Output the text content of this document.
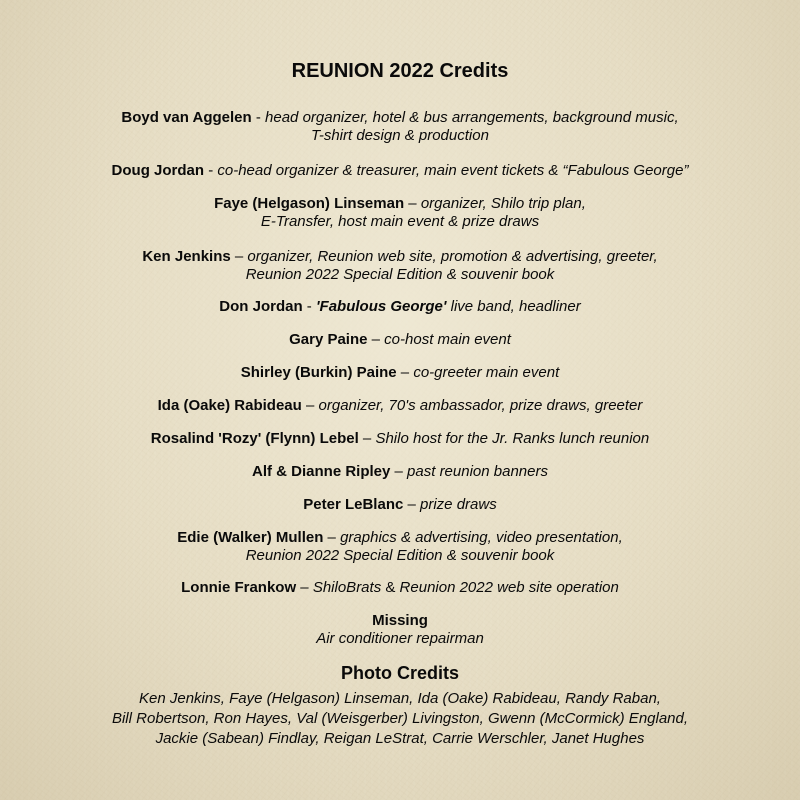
REUNION 2022 Credits
Boyd van Aggelen - head organizer, hotel & bus arrangements, background music,
T-shirt design & production
Doug Jordan - co-head organizer & treasurer, main event tickets & “Fabulous George”
Faye (Helgason) Linseman – organizer, Shilo trip plan,
E-Transfer, host main event & prize draws
Ken Jenkins – organizer, Reunion web site, promotion & advertising, greeter,
Reunion 2022 Special Edition & souvenir book
Don Jordan - 'Fabulous George' live band, headliner
Gary Paine – co-host main event
Shirley (Burkin) Paine – co-greeter main event
Ida (Oake) Rabideau – organizer, 70's ambassador, prize draws, greeter
Rosalind 'Rozy' (Flynn) Lebel – Shilo host for the Jr. Ranks lunch reunion
Alf & Dianne Ripley – past reunion banners
Peter LeBlanc – prize draws
Edie (Walker) Mullen – graphics & advertising, video presentation,
Reunion 2022 Special Edition & souvenir book
Lonnie Frankow – ShiloBrats & Reunion 2022 web site operation
Missing
Air conditioner repairman
Photo Credits
Ken Jenkins, Faye (Helgason) Linseman, Ida (Oake) Rabideau, Randy Raban,
Bill Robertson, Ron Hayes, Val (Weisgerber) Livingston, Gwenn (McCormick) England,
Jackie (Sabean) Findlay, Reigan LeStrat, Carrie Werschler, Janet Hughes
